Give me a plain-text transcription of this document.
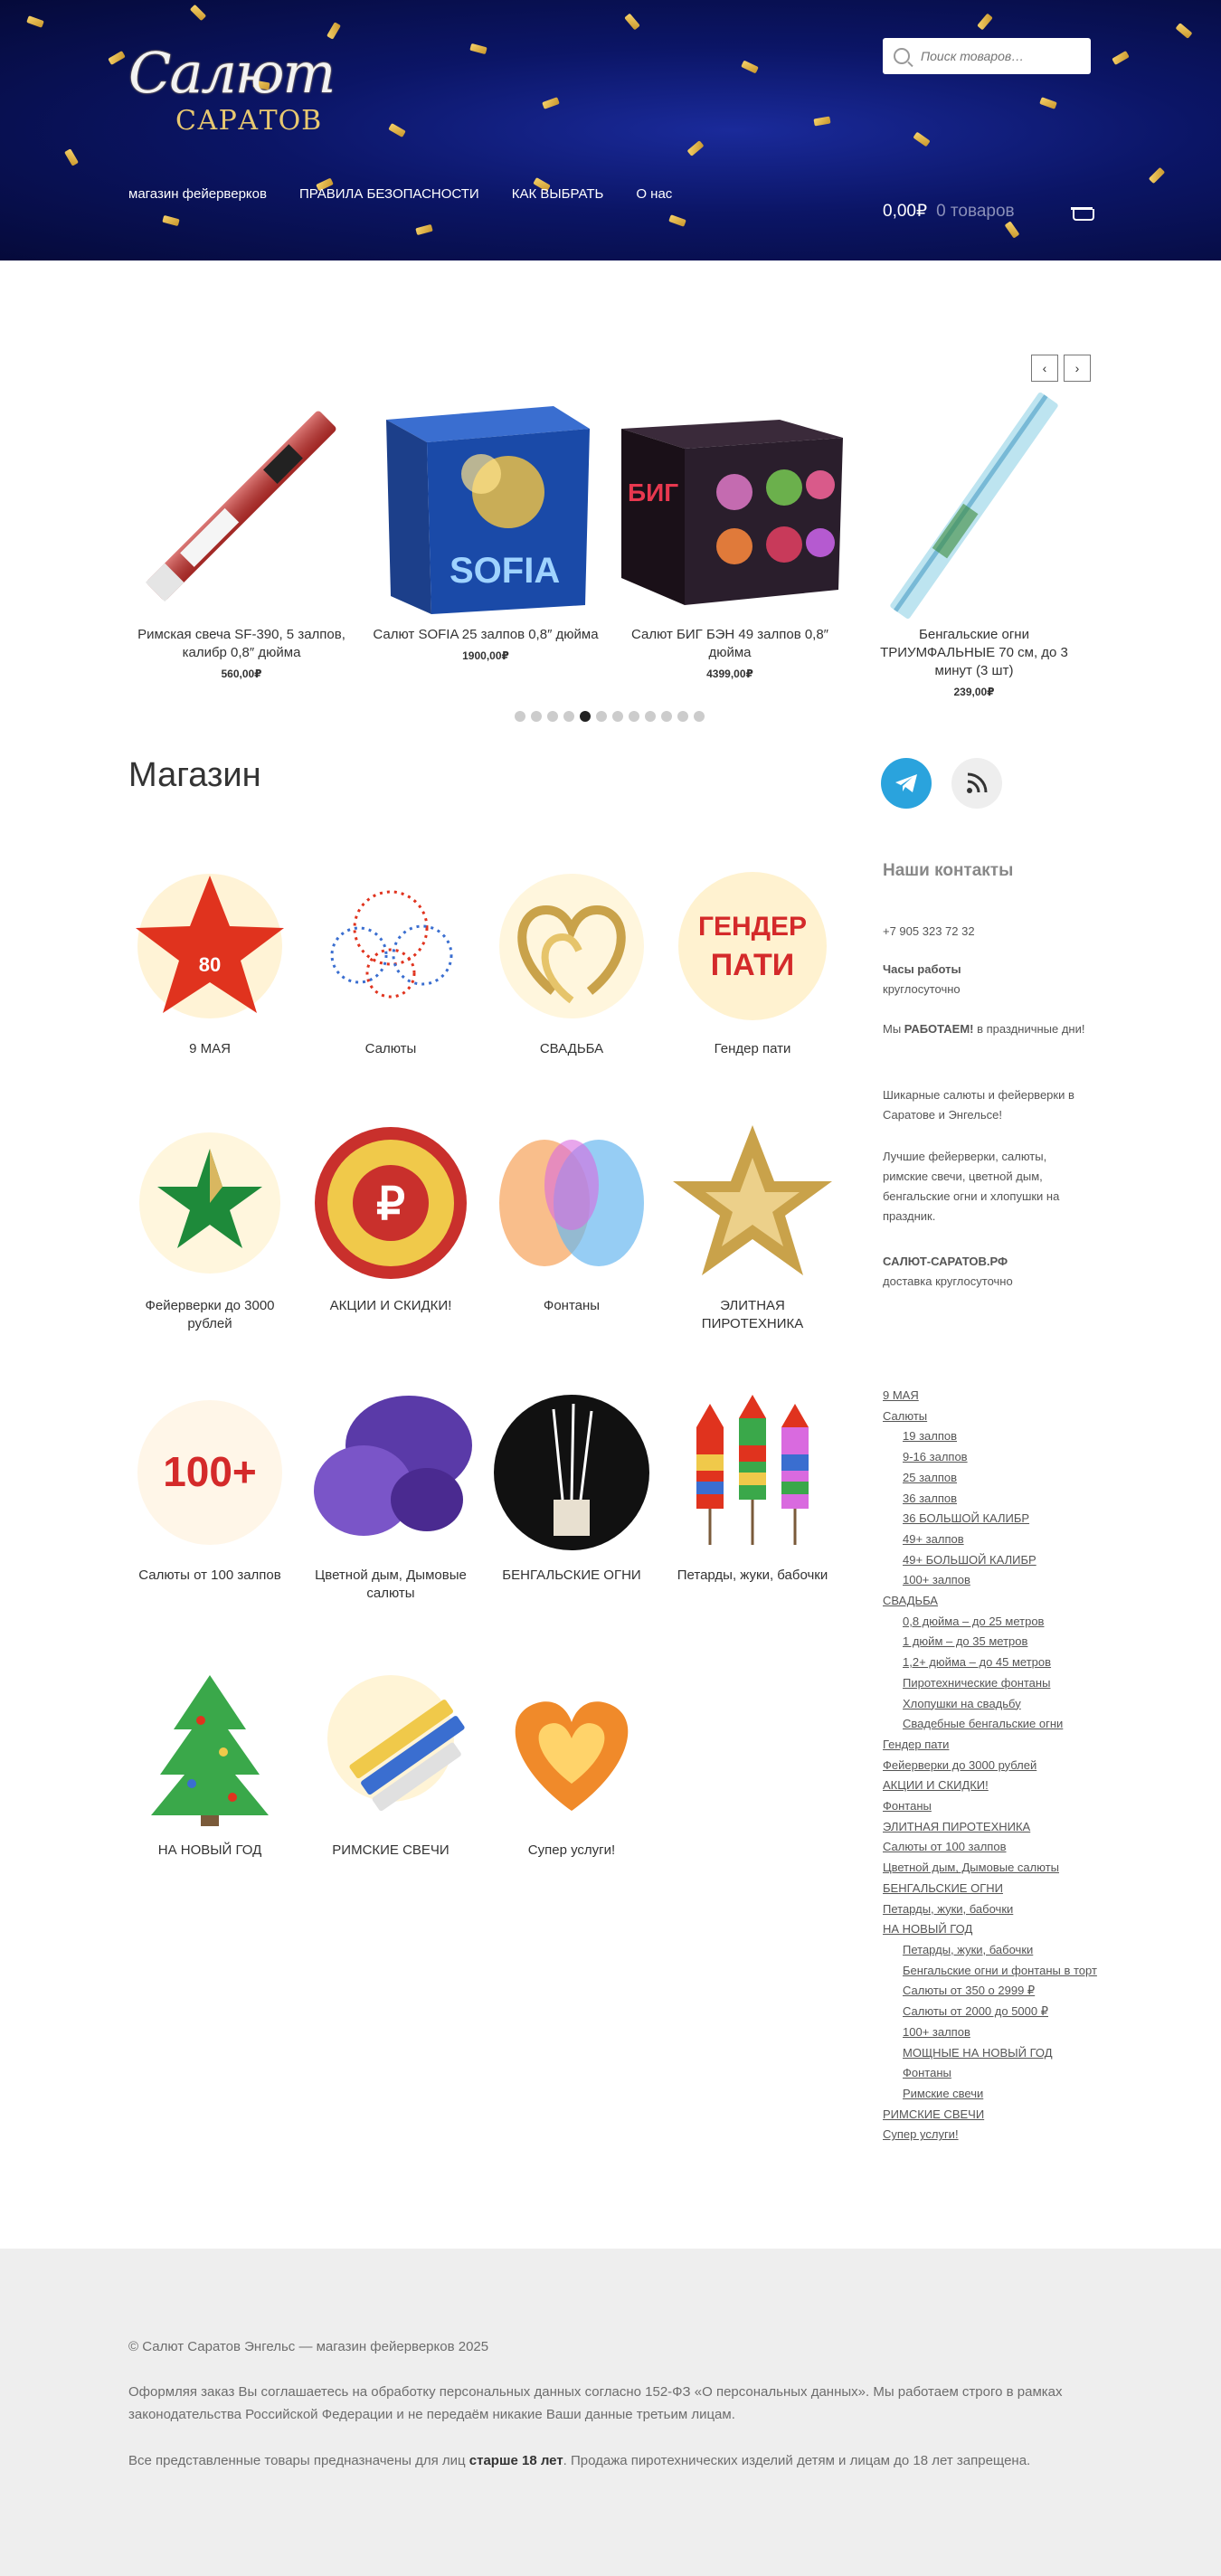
Салют
САРАТОВ
Поиск товаров…
магазин фейерверков ПРАВИЛА БЕЗОПАСНОСТИ КАК ВЫБРАТЬ О нас
0,00₽ 0 товаров
‹ ›
Римская свеча SF-390, 5 залпов, калибр 0,8″ дюйма
560,00₽
SOFIA
Салют SOFIA 25 залпов 0,8″ дюйма
1900,00₽
БИГ
Салют БИГ БЭН 49 залпов 0,8″ дюйма
4399,00₽
Бенгальские огни ТРИУМФАЛЬНЫЕ 70 см, до 3 минут (3 шт)
239,00₽
Магазин
80
9 МАЯ	Салюты	СВАДЬБА
ГЕНДЕР
ПАТИ
Гендер пати
Фейерверки до 3000 рублей
₽
АКЦИИ И СКИДКИ!	Фонтаны	ЭЛИТНАЯ ПИРОТЕХНИКА
100+
Салюты от 100 залпов	Цветной дым, Дымовые салюты
БЕНГАЛЬСКИЕ ОГНИ	Петарды, жуки, бабочки
НА НОВЫЙ ГОД	РИМСКИЕ СВЕЧИ	Супер услуги!
Наши контакты
+7 905 323 72 32
Часы работы
круглосуточно
Мы РАБОТАЕМ! в праздничные дни!
Шикарные салюты и фейерверки в Саратове и Энгельсе!
Лучшие фейерверки, салюты, римские свечи, цветной дым, бенгальские огни и хлопушки на праздник.
САЛЮТ-САРАТОВ.РФ
доставка круглосуточно
9 МАЯ
Салюты
19 залпов
9-16 залпов
25 залпов
36 залпов
36 БОЛЬШОЙ КАЛИБР
49+ залпов
49+ БОЛЬШОЙ КАЛИБР
100+ залпов
СВАДЬБА
0,8 дюйма – до 25 метров
1 дюйм – до 35 метров
1,2+ дюйма – до 45 метров
Пиротехнические фонтаны
Хлопушки на свадьбу
Свадебные бенгальские огни
Гендер пати
Фейерверки до 3000 рублей
АКЦИИ И СКИДКИ!
Фонтаны
ЭЛИТНАЯ ПИРОТЕХНИКА
Салюты от 100 залпов
Цветной дым, Дымовые салюты
БЕНГАЛЬСКИЕ ОГНИ
Петарды, жуки, бабочки
НА НОВЫЙ ГОД
Петарды, жуки, бабочки
Бенгальские огни и фонтаны в торт
Салюты от 350 о 2999 ₽
Салюты от 2000 до 5000 ₽
100+ залпов
МОЩНЫЕ НА НОВЫЙ ГОД
Фонтаны
Римские свечи
РИМСКИЕ СВЕЧИ
Супер услуги!

© Салют Саратов Энгельс — магазин фейерверков 2025

Оформляя заказ Вы соглашаетесь на обработку персональных данных согласно 152-ФЗ «О персональных данных». Мы работаем строго в рамках законодательства Российской Федерации и не передаём никакие Ваши данные третьим лицам.

Все представленные товары предназначены для лиц старше 18 лет. Продажа пиротехнических изделий детям и лицам до 18 лет запрещена.
